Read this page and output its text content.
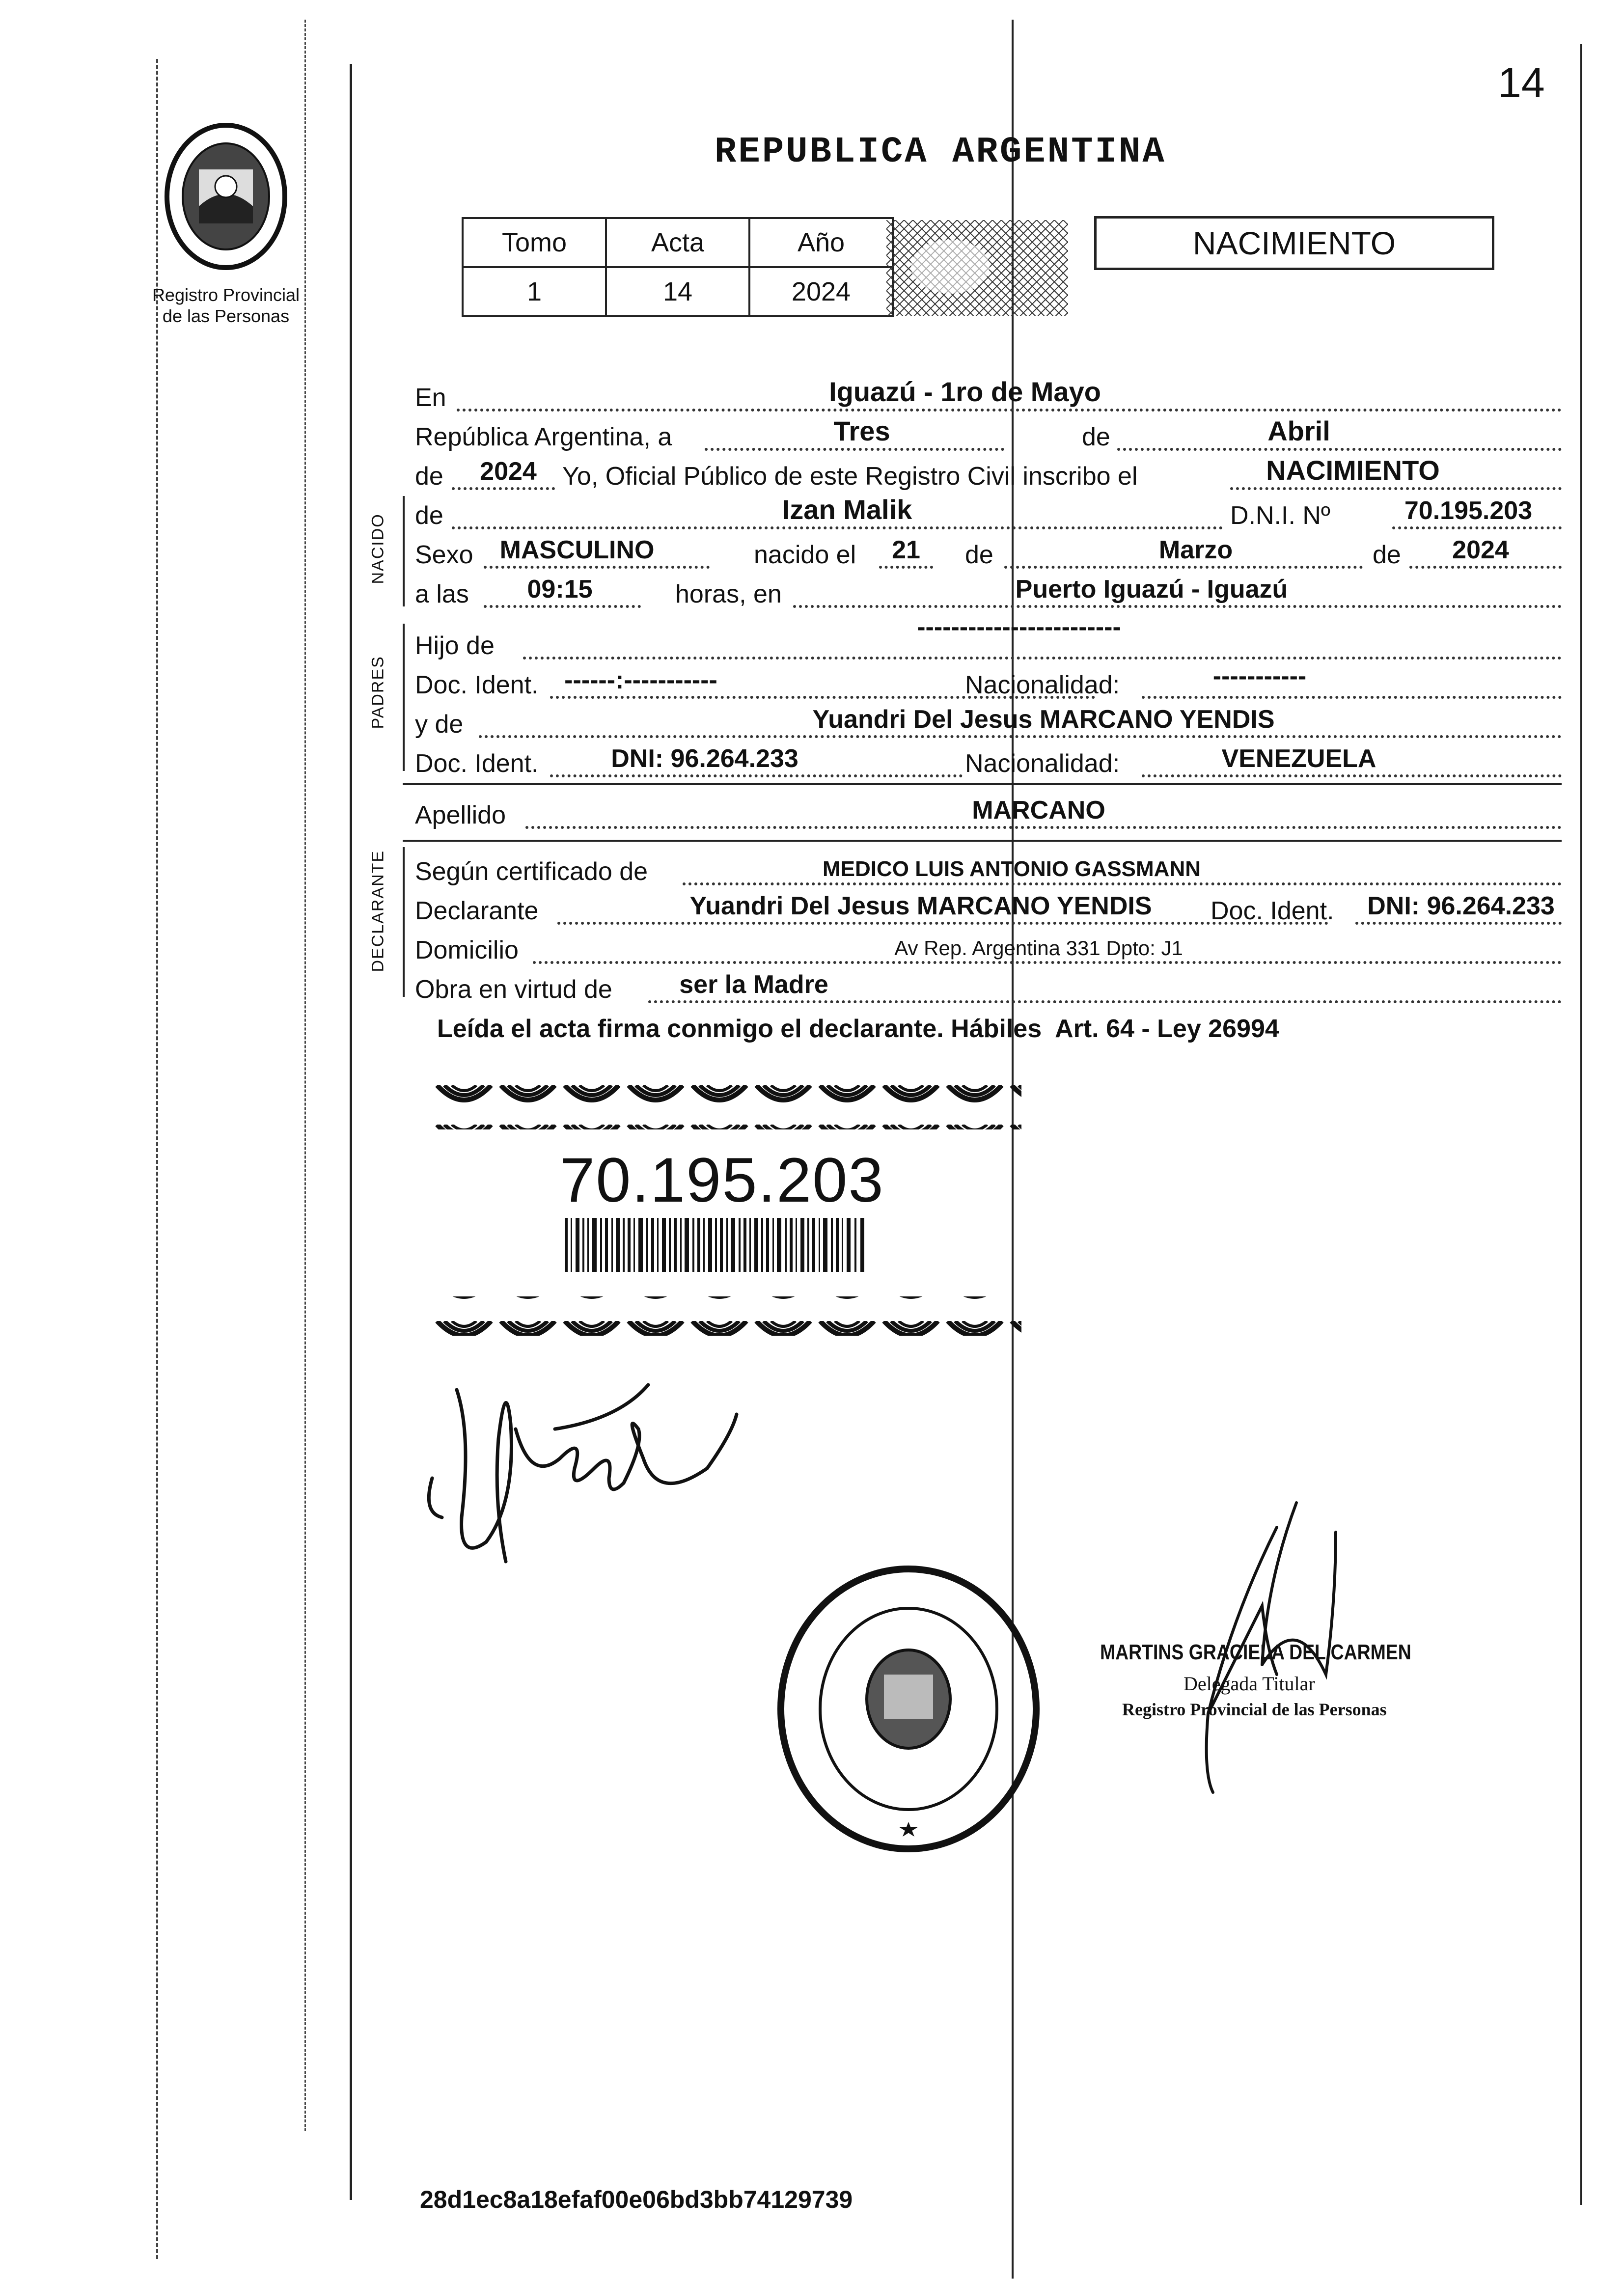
14
Registro Provincial
de las Personas
REPUBLICA ARGENTINA
Tomo	Acta	Año
1	14	2024
NACIMIENTO
En	Iguazú - 1ro de Mayo
República Argentina, a	Tres	de	Abril
de 2024 Yo, Oficial Público de este Registro Civil inscribo el	NACIMIENTO
NACIDO de	Izan Malik	D.N.I. Nº	70.195.203
Sexo MASCULINO	nacido el 21 de	Marzo	de 2024
a las 09:15	horas, en	Puerto Iguazú - Iguazú
PADRES
Hijo de
------------------------
Doc. Ident. ------:-----------	Nacionalidad:	-----------
y de	Yuandri Del Jesus MARCANO YENDIS
Doc. Ident.	DNI: 96.264.233	Nacionalidad:	VENEZUELA
Apellido	MARCANO
DECLARANTE Según certificado de	MEDICO LUIS ANTONIO GASSMANN
Declarante	Yuandri Del Jesus MARCANO YENDIS Doc. Ident. DNI: 96.264.233
Domicilio	Av Rep. Argentina 331 Dpto: J1
Obra en virtud de	ser la Madre
Leída el acta firma conmigo el declarante. Hábiles  Art. 64 - Ley 26994
70.195.203
MARTINS GRACIELA DEL CARMEN
Delegada Titular
Registro Provincial de las Personas
28d1ec8a18efaf00e06bd3bb74129739
